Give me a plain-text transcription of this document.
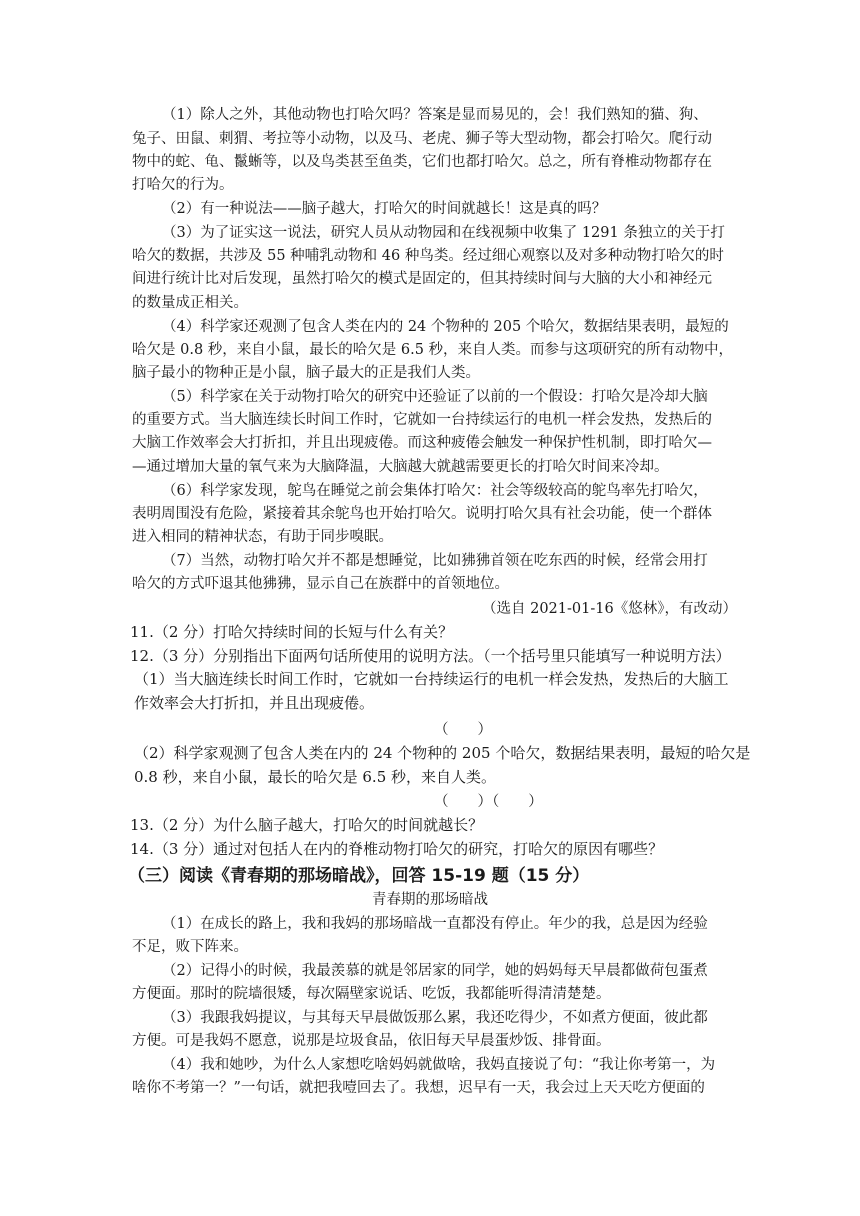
（1）除人之外，其他动物也打哈欠吗？答案是显而易见的，会！我们熟知的猫、狗、
兔子、田鼠、刺猬、考拉等小动物，以及马、老虎、狮子等大型动物，都会打哈欠。爬行动
物中的蛇、龟、鬣蜥等，以及鸟类甚至鱼类，它们也都打哈欠。总之，所有脊椎动物都存在
打哈欠的行为。
（2）有一种说法——脑子越大，打哈欠的时间就越长！这是真的吗？
（3）为了证实这一说法，研究人员从动物园和在线视频中收集了 1291 条独立的关于打
哈欠的数据，共涉及 55 种哺乳动物和 46 种鸟类。经过细心观察以及对多种动物打哈欠的时
间进行统计比对后发现，虽然打哈欠的模式是固定的，但其持续时间与大脑的大小和神经元
的数量成正相关。
（4）科学家还观测了包含人类在内的 24 个物种的 205 个哈欠，数据结果表明，最短的
哈欠是 0.8 秒，来自小鼠，最长的哈欠是 6.5 秒，来自人类。而参与这项研究的所有动物中，
脑子最小的物种正是小鼠，脑子最大的正是我们人类。
（5）科学家在关于动物打哈欠的研究中还验证了以前的一个假设：打哈欠是冷却大脑
的重要方式。当大脑连续长时间工作时，它就如一台持续运行的电机一样会发热，发热后的
大脑工作效率会大打折扣，并且出现疲倦。而这种疲倦会触发一种保护性机制，即打哈欠—
—通过增加大量的氧气来为大脑降温，大脑越大就越需要更长的打哈欠时间来冷却。
（6）科学家发现，鸵鸟在睡觉之前会集体打哈欠：社会等级较高的鸵鸟率先打哈欠，
表明周围没有危险，紧接着其余鸵鸟也开始打哈欠。说明打哈欠具有社会功能，使一个群体
进入相同的精神状态，有助于同步嗅眠。
（7）当然，动物打哈欠并不都是想睡觉，比如狒狒首领在吃东西的时候，经常会用打
哈欠的方式吓退其他狒狒，显示自己在族群中的首领地位。
（选自 2021-01-16《悠林》，有改动）
11.（2 分）打哈欠持续时间的长短与什么有关？
12.（3 分）分别指出下面两句话所使用的说明方法。（一个括号里只能填写一种说明方法）
（1）当大脑连续长时间工作时，它就如一台持续运行的电机一样会发热，发热后的大脑工
作效率会大打折扣，并且出现疲倦。
（　　）
（2）科学家观测了包含人类在内的 24 个物种的 205 个哈欠，数据结果表明，最短的哈欠是
0.8 秒，来自小鼠，最长的哈欠是 6.5 秒，来自人类。
（　　）（　　）
13.（2 分）为什么脑子越大，打哈欠的时间就越长？
14.（3 分）通过对包括人在内的脊椎动物打哈欠的研究，打哈欠的原因有哪些？
（三）阅读《青春期的那场暗战》，回答 15-19 题（15 分）
青春期的那场暗战
（1）在成长的路上，我和我妈的那场暗战一直都没有停止。年少的我，总是因为经验
不足，败下阵来。
（2）记得小的时候，我最羡慕的就是邻居家的同学，她的妈妈每天早晨都做荷包蛋煮
方便面。那时的院墙很矮，每次隔壁家说话、吃饭，我都能听得清清楚楚。
（3）我跟我妈提议，与其每天早晨做饭那么累，我还吃得少，不如煮方便面，彼此都
方便。可是我妈不愿意，说那是垃圾食品，依旧每天早晨蛋炒饭、排骨面。
（4）我和她吵，为什么人家想吃啥妈妈就做啥，我妈直接说了句：“我让你考第一，为
啥你不考第一？”一句话，就把我噎回去了。我想，迟早有一天，我会过上天天吃方便面的
